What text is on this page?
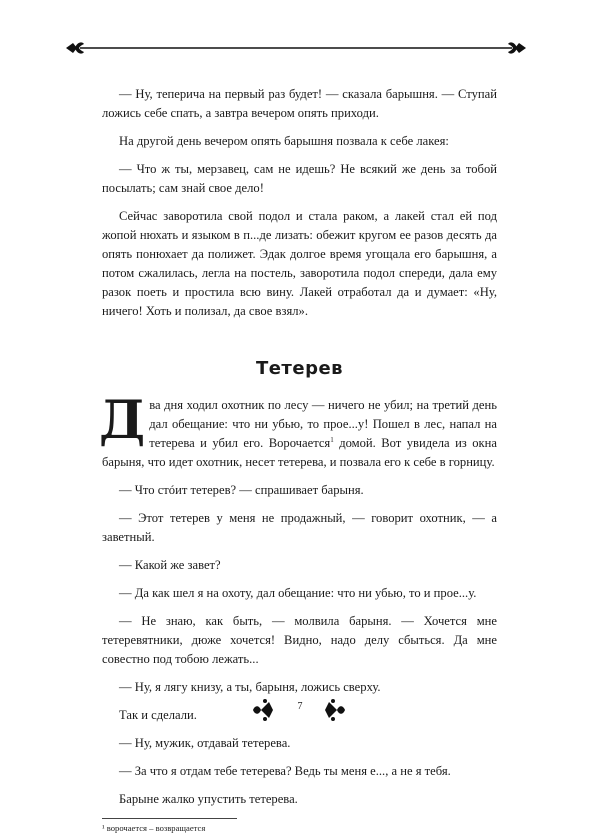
— Ну, теперича на первый раз будет! — сказала барышня. — Ступай ложись себе спать, а завтра вечером опять приходи.

На другой день вечером опять барышня позвала к себе лакея:

— Что ж ты, мерзавец, сам не идешь? Не всякий же день за тобой посылать; сам знай свое дело!

Сейчас заворотила свой подол и стала раком, а лакей стал ей под жопой нюхать и языком в п...де лизать: обежит кругом ее разов десять да опять понюхает да полижет. Эдак долгое время угощала его барышня, а потом сжалилась, легла на постель, заворотила подол спереди, дала ему разок поеть и простила всю вину. Лакей отработал да и думает: «Ну, ничего! Хоть и полизал, да свое взял».

Тетерев

Два дня ходил охотник по лесу — ничего не убил; на третий день дал обещание: что ни убью, то прое...у! Пошел в лес, напал на тетерева и убил его. Ворочается$^1$ домой. Вот увидела из окна барыня, что идет охотник, несет тетерева, и позвала его к себе в горницу.

— Что стóит тетерев? — спрашивает барыня.

— Этот тетерев у меня не продажный, — говорит охотник, — а заветный.

— Какой же завет?

— Да как шел я на охоту, дал обещание: что ни убью, то и прое...у.

— Не знаю, как быть, — молвила барыня. — Хочется мне тетеревятники, дюже хочется! Видно, надо делу сбыться. Да мне совестно под тобою лежать...

— Ну, я лягу книзу, а ты, барыня, ложись сверху.

Так и сделали.

— Ну, мужик, отдавай тетерева.

— За что я отдам тебе тетерева? Ведь ты меня е..., а не я тебя.

Барыне жалко упустить тетерева.

¹ ворочается – возвращается
7
